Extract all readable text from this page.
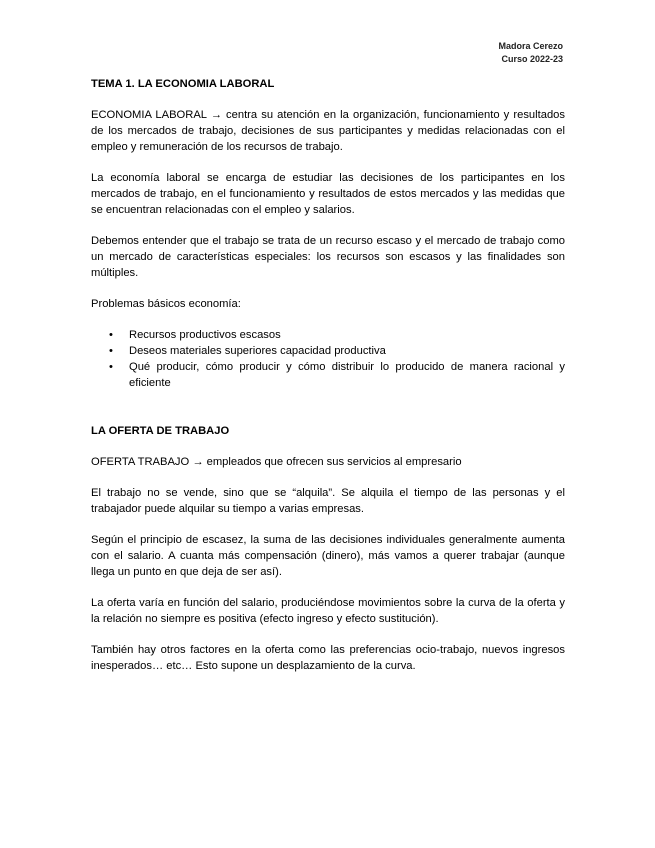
Madora Cerezo
Curso 2022-23

TEMA 1. LA ECONOMIA LABORAL

ECONOMIA LABORAL → centra su atención en la organización, funcionamiento y resultados de los mercados de trabajo, decisiones de sus participantes y medidas relacionadas con el empleo y remuneración de los recursos de trabajo.

La economía laboral se encarga de estudiar las decisiones de los participantes en los mercados de trabajo, en el funcionamiento y resultados de estos mercados y las medidas que se encuentran relacionadas con el empleo y salarios.

Debemos entender que el trabajo se trata de un recurso escaso y el mercado de trabajo como un mercado de características especiales: los recursos son escasos y las finalidades son múltiples.

Problemas básicos economía:

• Recursos productivos escasos
• Deseos materiales superiores capacidad productiva
• Qué producir, cómo producir y cómo distribuir lo producido de manera racional y eficiente

LA OFERTA DE TRABAJO

OFERTA TRABAJO → empleados que ofrecen sus servicios al empresario

El trabajo no se vende, sino que se “alquila”. Se alquila el tiempo de las personas y el trabajador puede alquilar su tiempo a varias empresas.

Según el principio de escasez, la suma de las decisiones individuales generalmente aumenta con el salario. A cuanta más compensación (dinero), más vamos a querer trabajar (aunque llega un punto en que deja de ser así).

La oferta varía en función del salario, produciéndose movimientos sobre la curva de la oferta y la relación no siempre es positiva (efecto ingreso y efecto sustitución).

También hay otros factores en la oferta como las preferencias ocio-trabajo, nuevos ingresos inesperados… etc… Esto supone un desplazamiento de la curva.
